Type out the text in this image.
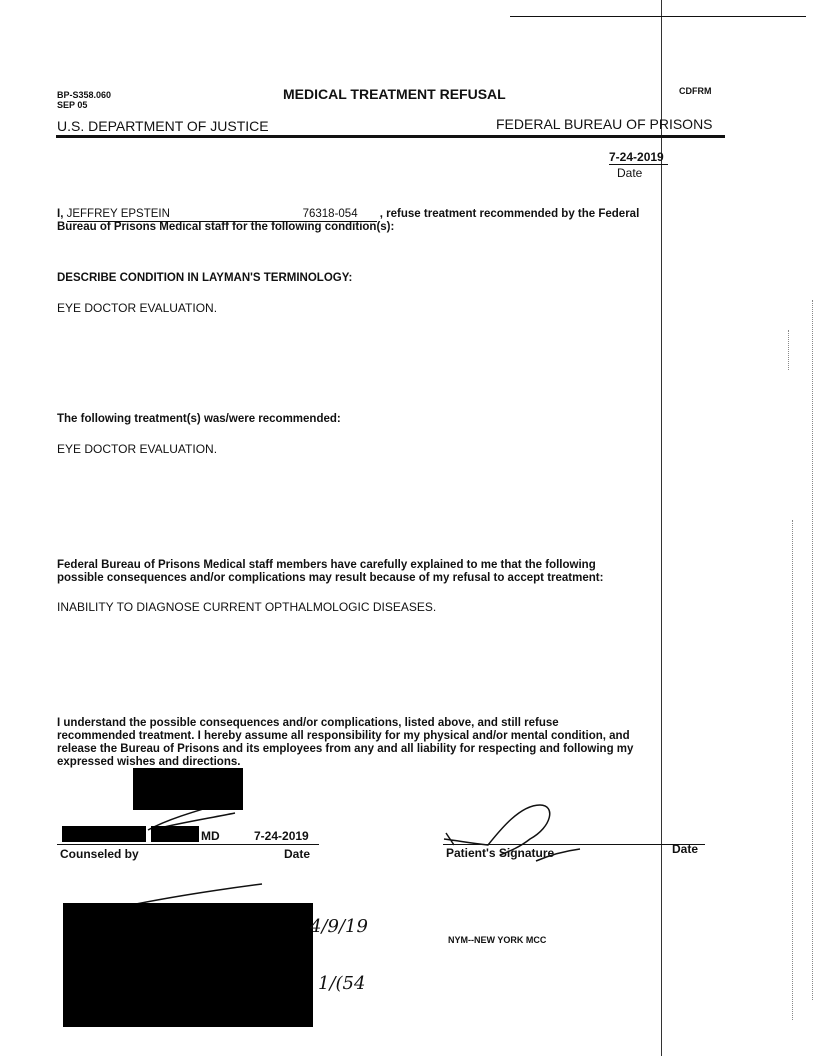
BP-S358.060
SEP 05
MEDICAL TREATMENT REFUSAL	CDFRM
U.S. DEPARTMENT OF JUSTICE	FEDERAL BUREAU OF PRISONS
7-24-2019
Date
I, JEFFREY EPSTEIN	76318-054 , refuse treatment recommended by the Federal
Bureau of Prisons Medical staff for the following condition(s):
DESCRIBE CONDITION IN LAYMAN'S TERMINOLOGY:
EYE DOCTOR EVALUATION.
The following treatment(s) was/were recommended:
EYE DOCTOR EVALUATION.
Federal Bureau of Prisons Medical staff members have carefully explained to me that the following
possible consequences and/or complications may result because of my refusal to accept treatment:
INABILITY TO DIAGNOSE CURRENT OPTHALMOLOGIC DISEASES.
I understand the possible consequences and/or complications, listed above, and still refuse
recommended treatment. I hereby assume all responsibility for my physical and/or mental condition, and
release the Bureau of Prisons and its employees from any and all liability for respecting and following my
expressed wishes and directions.
MD	7-24-2019
Counseled by	Date	Patient's Signature	Date
4/9/19
1/(54
NYM--NEW YORK MCC
